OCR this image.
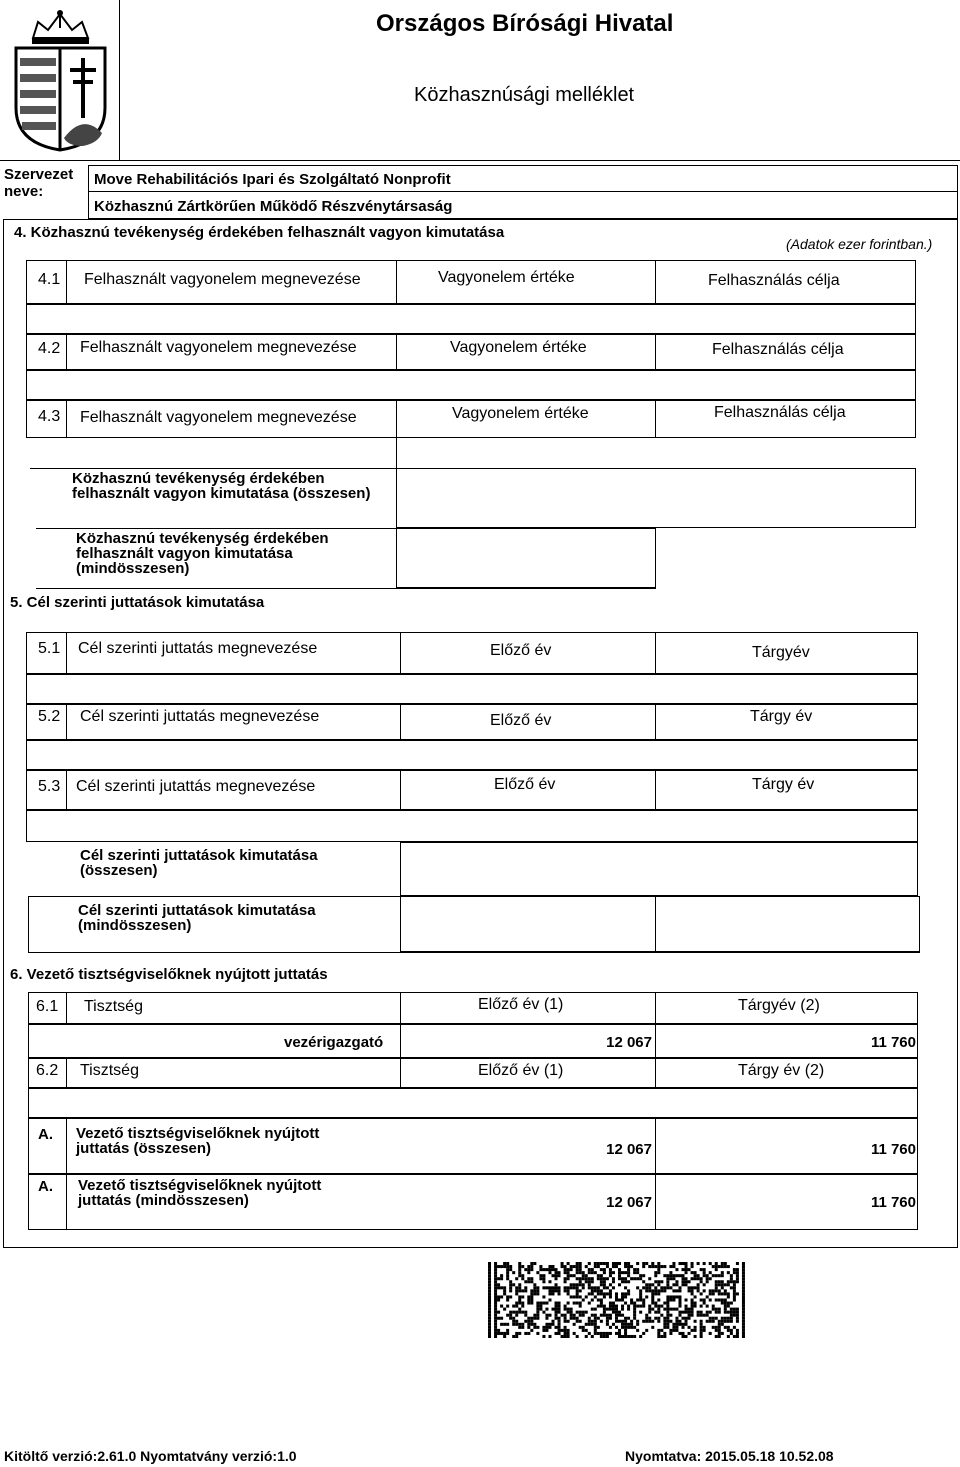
Országos Bírósági Hivatal
Közhasznúsági melléklet
Szervezet neve:
Move Rehabilitációs Ipari és Szolgáltató Nonprofit
Közhasznú Zártkörűen Működő Részvénytársaság
4. Közhasznú tevékenység érdekében felhasznált vagyon kimutatása
(Adatok ezer forintban.)
4.1 Felhasznált vagyonelem megnevezése	Vagyonelem értéke	Felhasználás célja
4.2 Felhasznált vagyonelem megnevezése	Vagyonelem értéke	Felhasználás célja
4.3 Felhasznált vagyonelem megnevezése	Vagyonelem értéke	Felhasználás célja
Közhasznú tevékenység érdekében felhasznált vagyon kimutatása (összesen)
Közhasznú tevékenység érdekében felhasznált vagyon kimutatása (mindösszesen)
5. Cél szerinti juttatások kimutatása
5.1 Cél szerinti juttatás megnevezése	Előző év	Tárgyév
5.2 Cél szerinti juttatás megnevezése	Előző év	Tárgy év
5.3 Cél szerinti jutattás megnevezése	Előző év	Tárgy év
Cél szerinti juttatások kimutatása (összesen)
Cél szerinti juttatások kimutatása (mindösszesen)
6. Vezető tisztségviselőknek nyújtott juttatás
6.1 Tisztség	Előző év (1)	Tárgyév (2)
vezérigazgató	12 067	11 760
6.2 Tisztség	Előző év (1)	Tárgy év (2)
A. Vezető tisztségviselőknek nyújtott juttatás (összesen)	12 067	11 760
A. Vezető tisztségviselőknek nyújtott juttatás (mindösszesen)	12 067	11 760
Kitöltő verzió:2.61.0 Nyomtatvány verzió:1.0	Nyomtatva: 2015.05.18 10.52.08
